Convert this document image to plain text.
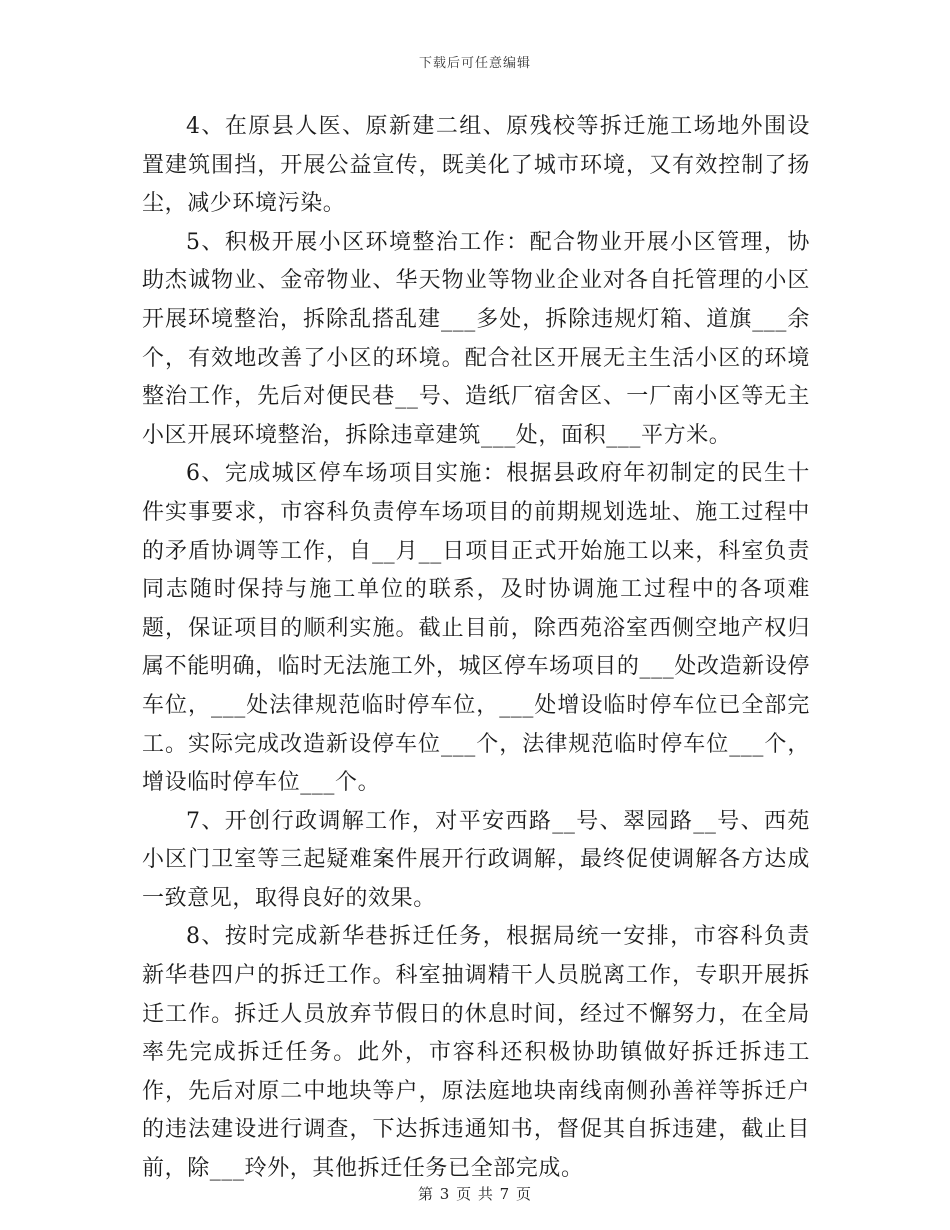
下载后可任意编辑

4、在原县人医、原新建二组、原残校等拆迁施工场地外围设置建筑围挡，开展公益宣传，既美化了城市环境，又有效控制了扬尘，减少环境污染。

5、积极开展小区环境整治工作：配合物业开展小区管理，协助杰诚物业、金帝物业、华天物业等物业企业对各自托管理的小区开展环境整治，拆除乱搭乱建___多处，拆除违规灯箱、道旗___余个，有效地改善了小区的环境。配合社区开展无主生活小区的环境整治工作，先后对便民巷__号、造纸厂宿舍区、一厂南小区等无主小区开展环境整治，拆除违章建筑___处，面积___平方米。

6、完成城区停车场项目实施：根据县政府年初制定的民生十件实事要求，市容科负责停车场项目的前期规划选址、施工过程中的矛盾协调等工作，自__月__日项目正式开始施工以来，科室负责同志随时保持与施工单位的联系，及时协调施工过程中的各项难题，保证项目的顺利实施。截止目前，除西苑浴室西侧空地产权归属不能明确，临时无法施工外，城区停车场项目的___处改造新设停车位，___处法律规范临时停车位，___处增设临时停车位已全部完工。实际完成改造新设停车位___个，法律规范临时停车位___个，增设临时停车位___个。

7、开创行政调解工作，对平安西路__号、翠园路__号、西苑小区门卫室等三起疑难案件展开行政调解，最终促使调解各方达成一致意见，取得良好的效果。

8、按时完成新华巷拆迁任务，根据局统一安排，市容科负责新华巷四户的拆迁工作。科室抽调精干人员脱离工作，专职开展拆迁工作。拆迁人员放弃节假日的休息时间，经过不懈努力，在全局率先完成拆迁任务。此外，市容科还积极协助镇做好拆迁拆违工作，先后对原二中地块等户，原法庭地块南线南侧孙善祥等拆迁户的违法建设进行调查，下达拆违通知书，督促其自拆违建，截止目前，除___玲外，其他拆迁任务已全部完成。

第 3 页 共 7 页
